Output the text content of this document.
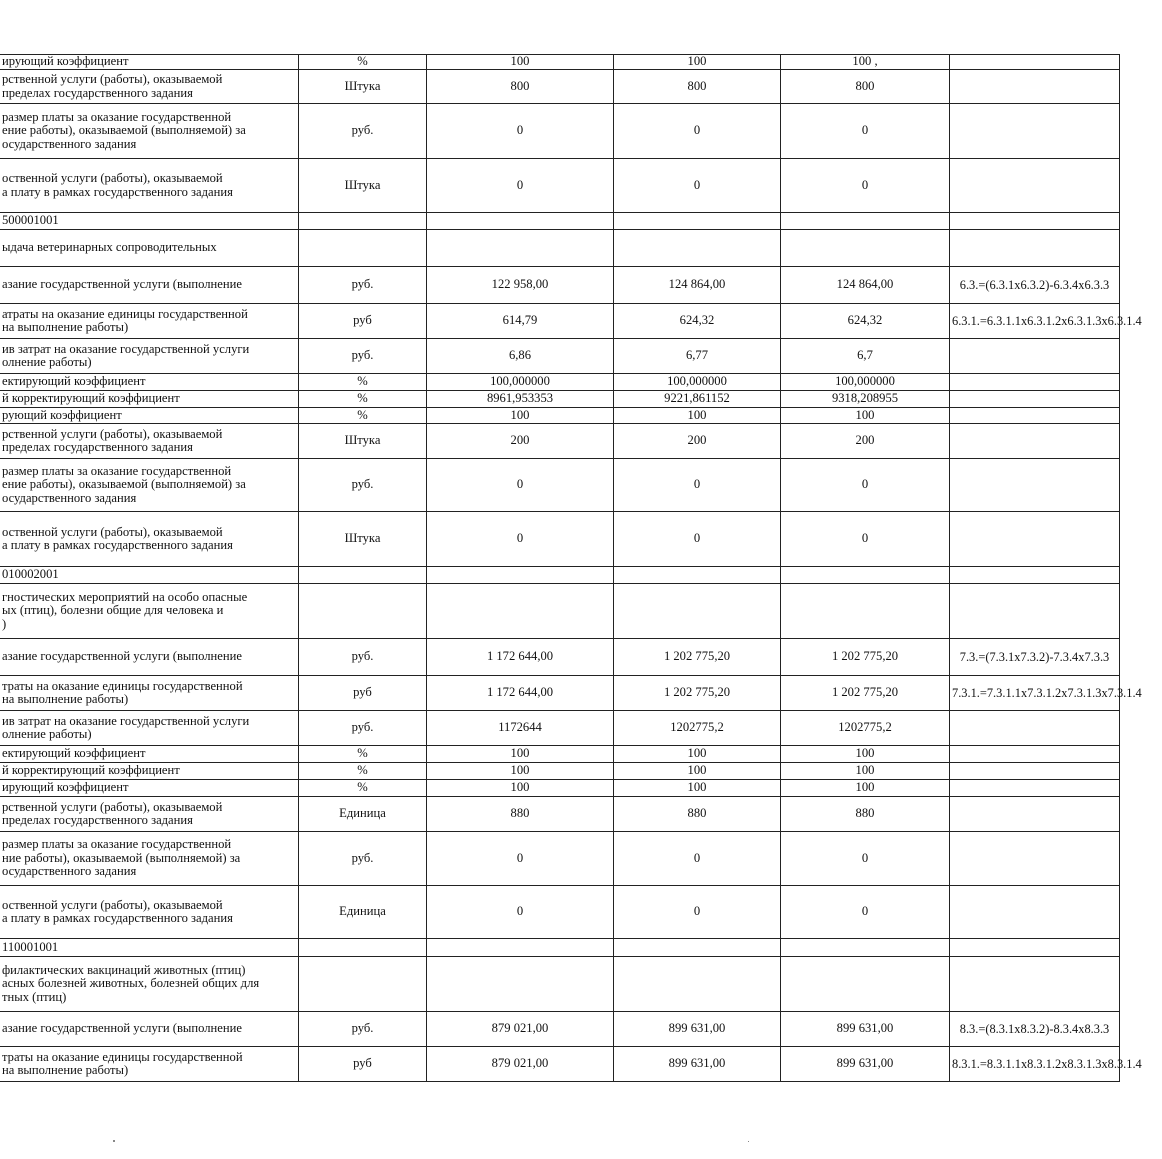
ирующий коэффициент	%	100	100	100 ,	

рственной услуги (работы), оказываемой
пределах государственного задания	Штука	800	800	800	

размер платы за оказание государственной
ение работы), оказываемой (выполняемой) за
осударственного задания	руб.	0	0	0	

оственной услуги (работы), оказываемой
а плату в рамках государственного задания	Штука	0	0	0	

500001001					

ыдача ветеринарных сопроводительных					

азание государственной услуги (выполнение	руб.	122 958,00	124 864,00	124 864,00	6.3.=(6.3.1x6.3.2)-6.3.4x6.3.3

атраты на оказание единицы государственной
на выполнение работы)	руб	614,79	624,32	624,32	6.3.1.=6.3.1.1x6.3.1.2x6.3.1.3x6.3.1.4

ив затрат на оказание государственной услуги
олнение работы)	руб.	6,86	6,77	6,7	

ектирующий коэффициент	%	100,000000	100,000000	100,000000	

й корректирующий коэффициент	%	8961,953353	9221,861152	9318,208955	

рующий коэффициент	%	100	100	100	

рственной услуги (работы), оказываемой
пределах государственного задания	Штука	200	200	200	

размер платы за оказание государственной
ение работы), оказываемой (выполняемой) за
осударственного задания	руб.	0	0	0	

оственной услуги (работы), оказываемой
а плату в рамках государственного задания	Штука	0	0	0	

010002001					

гностических мероприятий на особо опасные
ых (птиц), болезни общие для человека и
)					

азание государственной услуги (выполнение	руб.	1 172 644,00	1 202 775,20	1 202 775,20	7.3.=(7.3.1x7.3.2)-7.3.4x7.3.3

траты на оказание единицы государственной
на выполнение работы)	руб	1 172 644,00	1 202 775,20	1 202 775,20	7.3.1.=7.3.1.1x7.3.1.2x7.3.1.3x7.3.1.4

ив затрат на оказание государственной услуги
олнение работы)	руб.	1172644	1202775,2	1202775,2	

ектирующий коэффициент	%	100	100	100	

й корректирующий коэффициент	%	100	100	100	

ирующий коэффициент	%	100	100	100	

рственной услуги (работы), оказываемой
пределах государственного задания	Единица	880	880	880	

размер платы за оказание государственной
ние работы), оказываемой (выполняемой) за
осударственного задания	руб.	0	0	0	

оственной услуги (работы), оказываемой
а плату в рамках государственного задания	Единица	0	0	0	

110001001					

филактических вакцинаций животных (птиц)
асных болезней животных, болезней общих для
тных (птиц)					

азание государственной услуги (выполнение	руб.	879 021,00	899 631,00	899 631,00	8.3.=(8.3.1x8.3.2)-8.3.4x8.3.3

траты на оказание единицы государственной
на выполнение работы)	руб	879 021,00	899 631,00	899 631,00	8.3.1.=8.3.1.1x8.3.1.2x8.3.1.3x8.3.1.4
